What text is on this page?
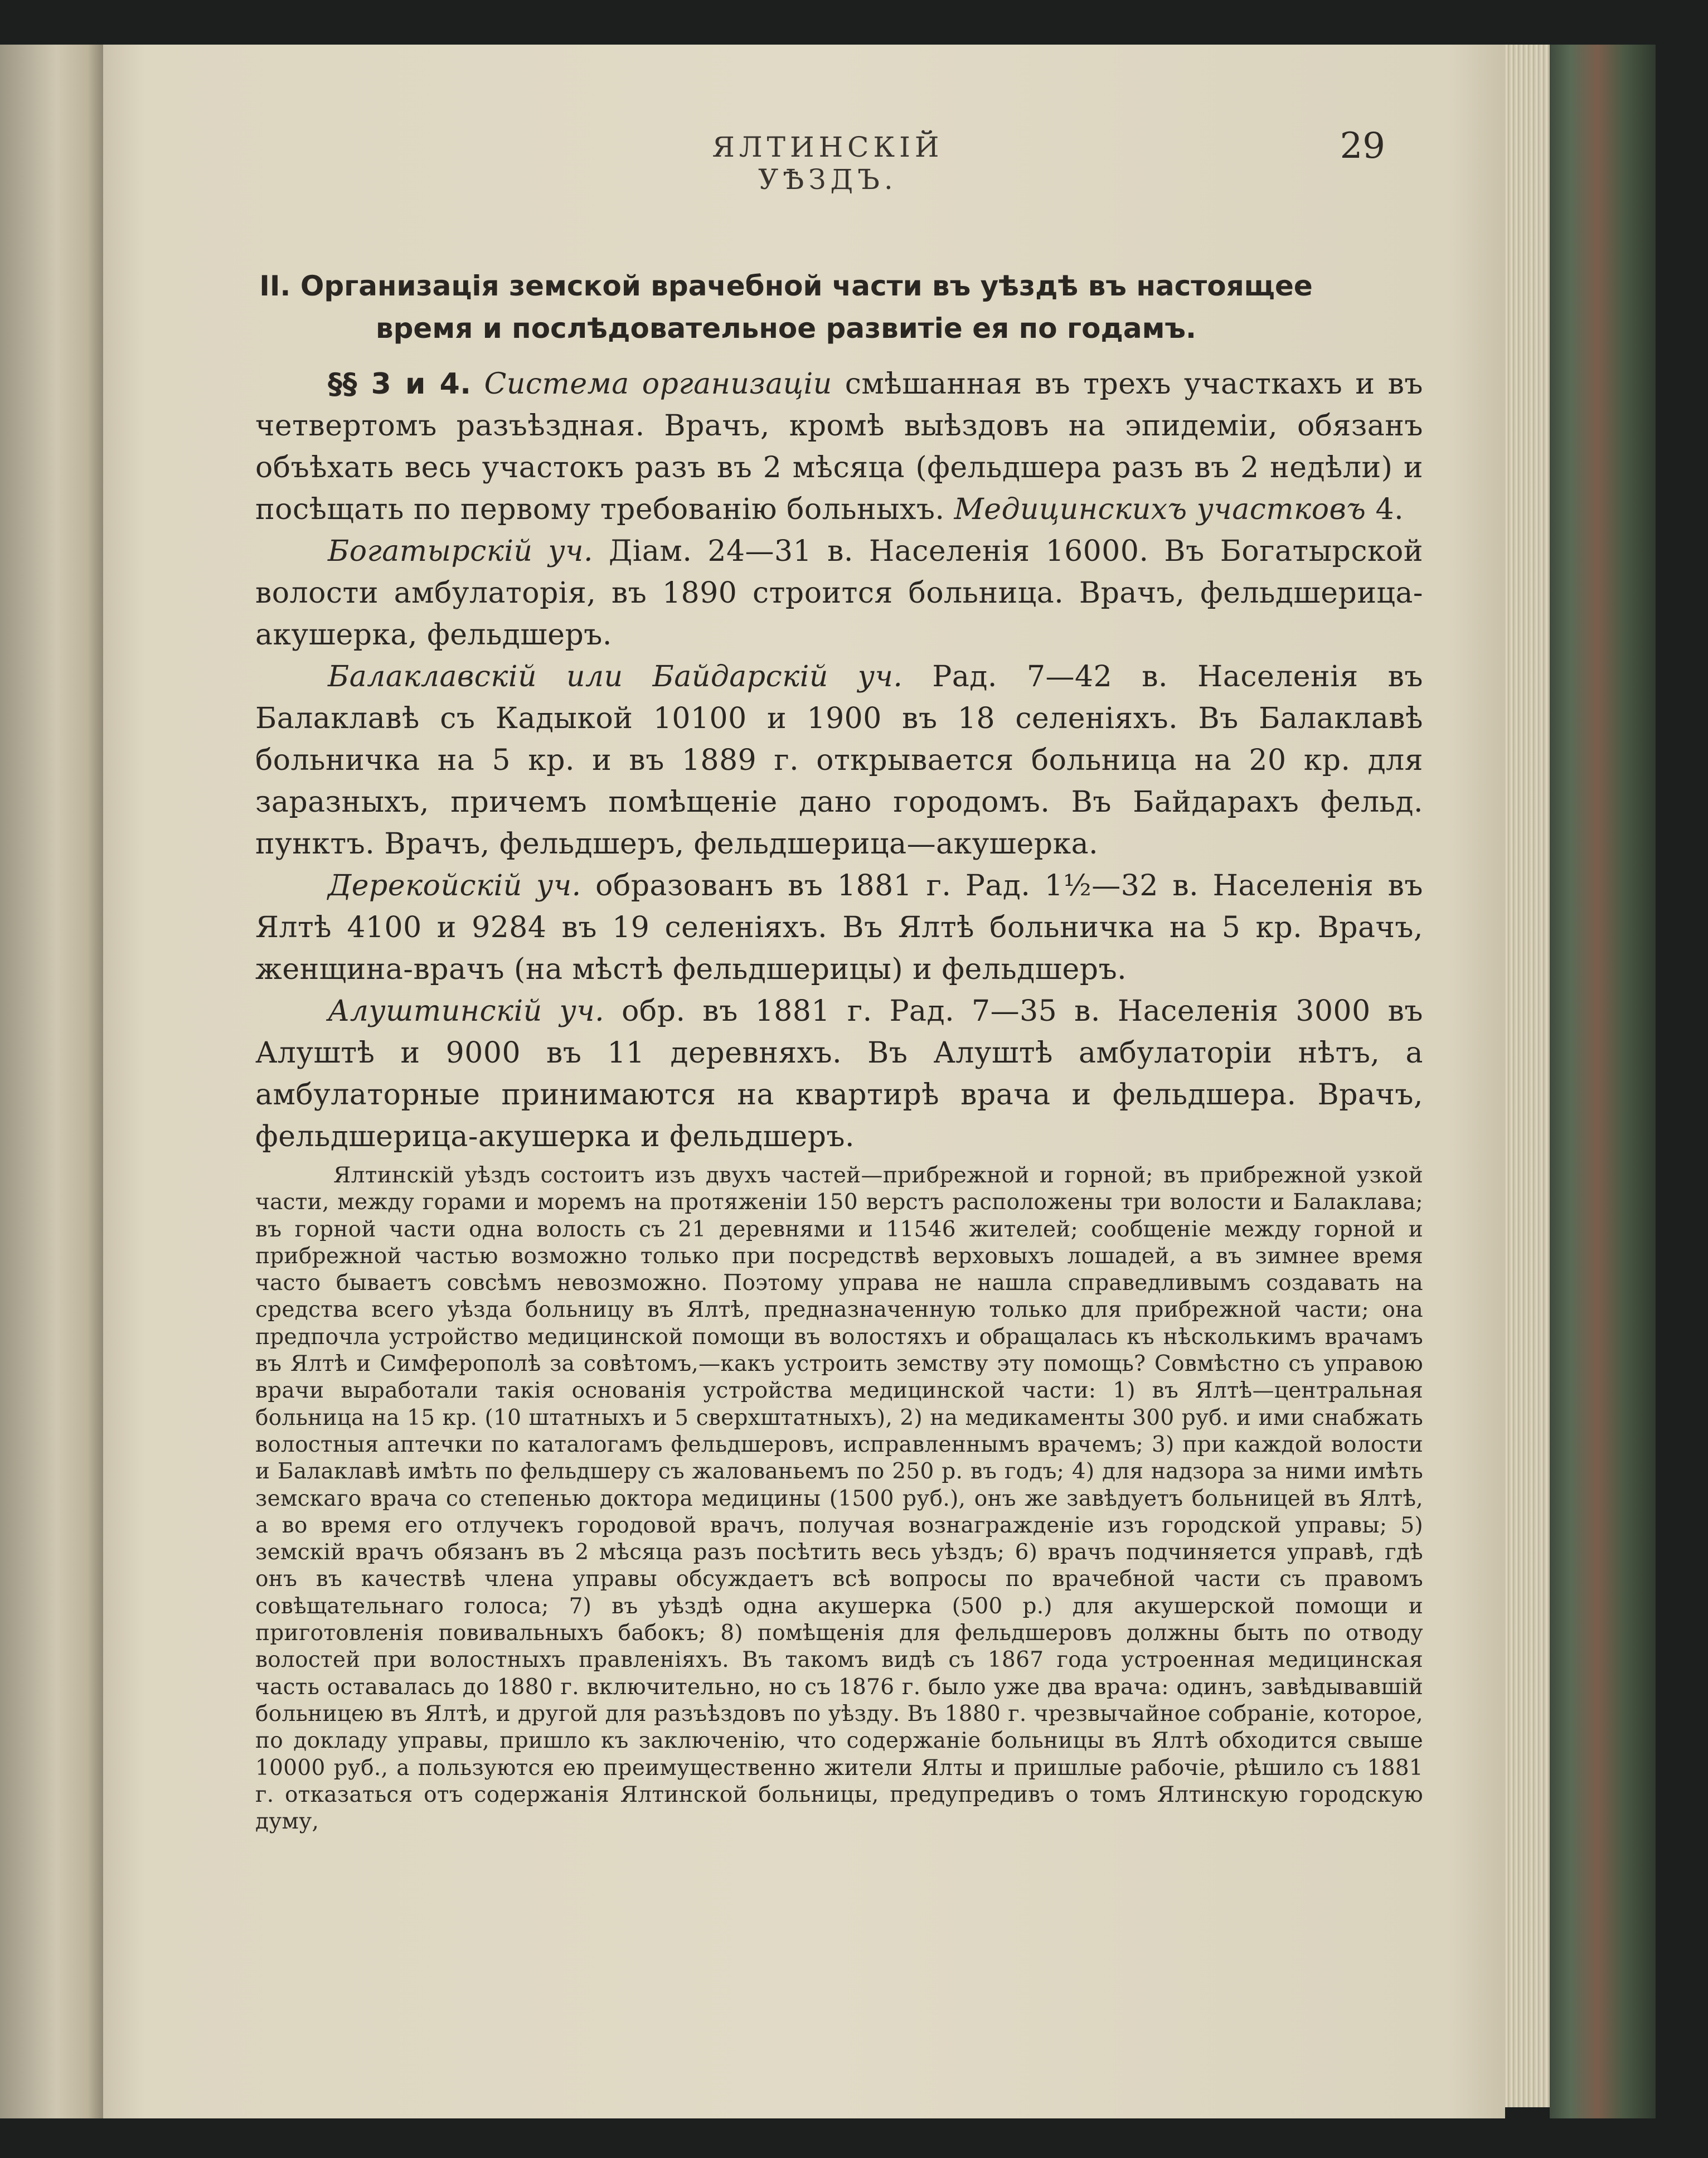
ЯЛТИНСКІЙ УѢЗДЪ.
29
II. Организація земской врачебной части въ уѣздѣ въ настоящее время и послѣдовательное развитіе ея по годамъ.

§§ 3 и 4. Система организаціи смѣшанная въ трехъ участкахъ и въ четвертомъ разъѣздная. Врачъ, кромѣ выѣздовъ на эпидеміи, обязанъ объѣхать весь участокъ разъ въ 2 мѣсяца (фельдшера разъ въ 2 недѣли) и посѣщать по первому требованію больныхъ. Медицинскихъ участковъ 4.

Богатырскій уч. Діам. 24—31 в. Населенія 16000. Въ Богатырской волости амбулаторія, въ 1890 строится больница. Врачъ, фельдшерица-акушерка, фельдшеръ.

Балаклавскій или Байдарскій уч. Рад. 7—42 в. Населенія въ Балаклавѣ съ Кадыкой 10100 и 1900 въ 18 селеніяхъ. Въ Балаклавѣ больничка на 5 кр. и въ 1889 г. открывается больница на 20 кр. для заразныхъ, причемъ помѣщеніе дано городомъ. Въ Байдарахъ фельд. пунктъ. Врачъ, фельдшеръ, фельдшерица—акушерка.

Дерекойскій уч. образованъ въ 1881 г. Рад. 1½—32 в. Населенія въ Ялтѣ 4100 и 9284 въ 19 селеніяхъ. Въ Ялтѣ больничка на 5 кр. Врачъ, женщина-врачъ (на мѣстѣ фельдшерицы) и фельдшеръ.

Алуштинскій уч. обр. въ 1881 г. Рад. 7—35 в. Населенія 3000 въ Алуштѣ и 9000 въ 11 деревняхъ. Въ Алуштѣ амбулаторіи нѣтъ, а амбулаторные принимаются на квартирѣ врача и фельдшера. Врачъ, фельдшерица-акушерка и фельдшеръ.

Ялтинскій уѣздъ состоитъ изъ двухъ частей—прибрежной и горной; въ прибрежной узкой части, между горами и моремъ на протяженіи 150 верстъ расположены три волости и Балаклава; въ горной части одна волость съ 21 деревнями и 11546 жителей; сообщеніе между горной и прибрежной частью возможно только при посредствѣ верховыхъ лошадей, а въ зимнее время часто бываетъ совсѣмъ невозможно. Поэтому управа не нашла справедливымъ создавать на средства всего уѣзда больницу въ Ялтѣ, предназначенную только для прибрежной части; она предпочла устройство медицинской помощи въ волостяхъ и обращалась къ нѣсколькимъ врачамъ въ Ялтѣ и Симферополѣ за совѣтомъ,—какъ устроить земству эту помощь? Совмѣстно съ управою врачи выработали такія основанія устройства медицинской части: 1) въ Ялтѣ—центральная больница на 15 кр. (10 штатныхъ и 5 сверхштатныхъ), 2) на медикаменты 300 руб. и ими снабжать волостныя аптечки по каталогамъ фельдшеровъ, исправленнымъ врачемъ; 3) при каждой волости и Балаклавѣ имѣть по фельдшеру съ жалованьемъ по 250 р. въ годъ; 4) для надзора за ними имѣть земскаго врача со степенью доктора медицины (1500 руб.), онъ же завѣдуетъ больницей въ Ялтѣ, а во время его отлучекъ городовой врачъ, получая вознагражденіе изъ городской управы; 5) земскій врачъ обязанъ въ 2 мѣсяца разъ посѣтить весь уѣздъ; 6) врачъ подчиняется управѣ, гдѣ онъ въ качествѣ члена управы обсуждаетъ всѣ вопросы по врачебной части съ правомъ совѣщательнаго голоса; 7) въ уѣздѣ одна акушерка (500 р.) для акушерской помощи и приготовленія повивальныхъ бабокъ; 8) помѣщенія для фельдшеровъ должны быть по отводу волостей при волостныхъ правленіяхъ. Въ такомъ видѣ съ 1867 года устроенная медицинская часть оставалась до 1880 г. включительно, но съ 1876 г. было уже два врача: одинъ, завѣдывавшій больницею въ Ялтѣ, и другой для разъѣздовъ по уѣзду. Въ 1880 г. чрезвычайное собраніе, которое, по докладу управы, пришло къ заключенію, что содержаніе больницы въ Ялтѣ обходится свыше 10000 руб., а пользуются ею преимущественно жители Ялты и пришлые рабочіе, рѣшило съ 1881 г. отказаться отъ содержанія Ялтинской больницы, предупредивъ о томъ Ялтинскую городскую думу,
